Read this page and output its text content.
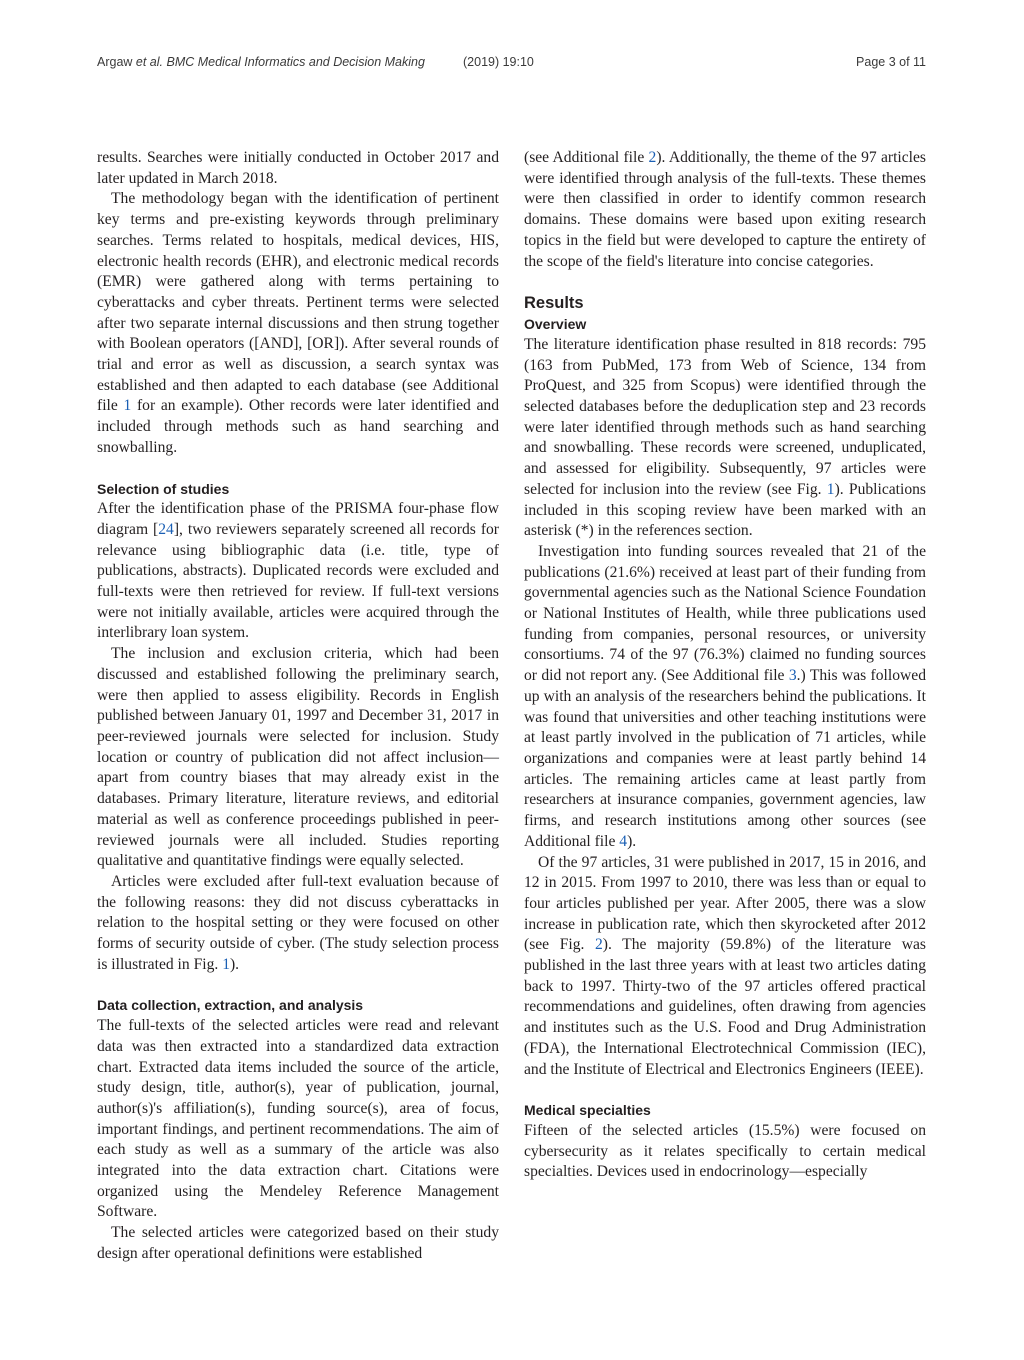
Argaw et al. BMC Medical Informatics and Decision Making	(2019) 19:10	Page 3 of 11

results. Searches were initially conducted in October 2017 and later updated in March 2018.

The methodology began with the identification of pertinent key terms and pre-existing keywords through preliminary searches. Terms related to hospitals, medical devices, HIS, electronic health records (EHR), and electronic medical records (EMR) were gathered along with terms pertaining to cyberattacks and cyber threats. Pertinent terms were selected after two separate internal discussions and then strung together with Boolean operators ([AND], [OR]). After several rounds of trial and error as well as discussion, a search syntax was established and then adapted to each database (see Additional file 1 for an example). Other records were later identified and included through methods such as hand searching and snowballing.

Selection of studies

After the identification phase of the PRISMA four-phase flow diagram [24], two reviewers separately screened all records for relevance using bibliographic data (i.e. title, type of publications, abstracts). Duplicated records were excluded and full-texts were then retrieved for review. If full-text versions were not initially available, articles were acquired through the interlibrary loan system.

The inclusion and exclusion criteria, which had been discussed and established following the preliminary search, were then applied to assess eligibility. Records in English published between January 01, 1997 and December 31, 2017 in peer-reviewed journals were selected for inclusion. Study location or country of publication did not affect inclusion—apart from country biases that may already exist in the databases. Primary literature, literature reviews, and editorial material as well as conference proceedings published in peer-reviewed journals were all included. Studies reporting qualitative and quantitative findings were equally selected.

Articles were excluded after full-text evaluation because of the following reasons: they did not discuss cyberattacks in relation to the hospital setting or they were focused on other forms of security outside of cyber. (The study selection process is illustrated in Fig. 1).

Data collection, extraction, and analysis

The full-texts of the selected articles were read and relevant data was then extracted into a standardized data extraction chart. Extracted data items included the source of the article, study design, title, author(s), year of publication, journal, author(s)'s affiliation(s), funding source(s), area of focus, important findings, and pertinent recommendations. The aim of each study as well as a summary of the article was also integrated into the data extraction chart. Citations were organized using the Mendeley Reference Management Software.

The selected articles were categorized based on their study design after operational definitions were established

(see Additional file 2). Additionally, the theme of the 97 articles were identified through analysis of the full-texts. These themes were then classified in order to identify common research domains. These domains were based upon exiting research topics in the field but were developed to capture the entirety of the scope of the field's literature into concise categories.

Results
Overview

The literature identification phase resulted in 818 records: 795 (163 from PubMed, 173 from Web of Science, 134 from ProQuest, and 325 from Scopus) were identified through the selected databases before the deduplication step and 23 records were later identified through methods such as hand searching and snowballing. These records were screened, unduplicated, and assessed for eligibility. Subsequently, 97 articles were selected for inclusion into the review (see Fig. 1). Publications included in this scoping review have been marked with an asterisk (*) in the references section.

Investigation into funding sources revealed that 21 of the publications (21.6%) received at least part of their funding from governmental agencies such as the National Science Foundation or National Institutes of Health, while three publications used funding from companies, personal resources, or university consortiums. 74 of the 97 (76.3%) claimed no funding sources or did not report any. (See Additional file 3.) This was followed up with an analysis of the researchers behind the publications. It was found that universities and other teaching institutions were at least partly involved in the publication of 71 articles, while organizations and companies were at least partly behind 14 articles. The remaining articles came at least partly from researchers at insurance companies, government agencies, law firms, and research institutions among other sources (see Additional file 4).

Of the 97 articles, 31 were published in 2017, 15 in 2016, and 12 in 2015. From 1997 to 2010, there was less than or equal to four articles published per year. After 2005, there was a slow increase in publication rate, which then skyrocketed after 2012 (see Fig. 2). The majority (59.8%) of the literature was published in the last three years with at least two articles dating back to 1997. Thirty-two of the 97 articles offered practical recommendations and guidelines, often drawing from agencies and institutes such as the U.S. Food and Drug Administration (FDA), the International Electrotechnical Commission (IEC), and the Institute of Electrical and Electronics Engineers (IEEE).

Medical specialties

Fifteen of the selected articles (15.5%) were focused on cybersecurity as it relates specifically to certain medical specialties. Devices used in endocrinology—especially
